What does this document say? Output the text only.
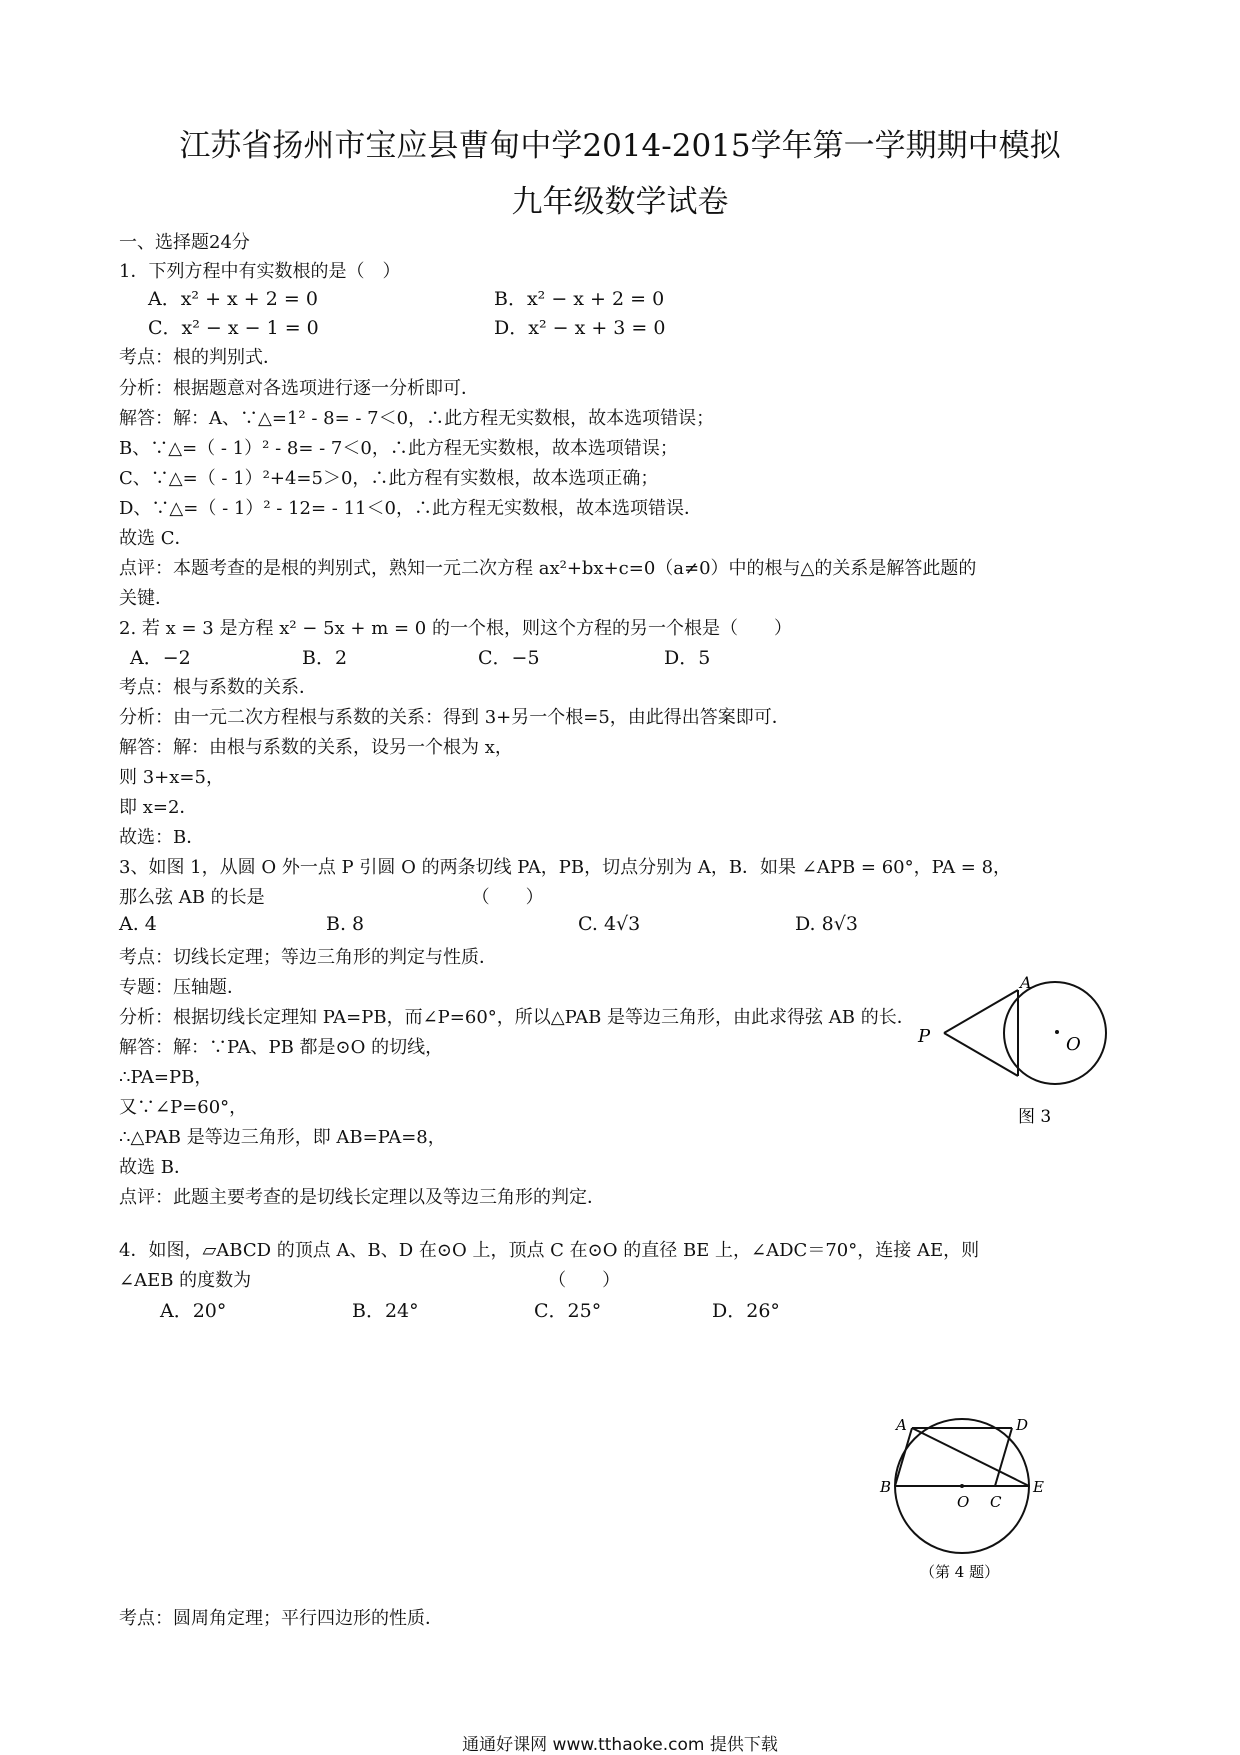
江苏省扬州市宝应县曹甸中学2014-2015学年第一学期期中模拟
九年级数学试卷
一、选择题24分
1．下列方程中有实数根的是（　）
A．x² + x + 2 = 0	B．x² − x + 2 = 0
C．x² − x − 1 = 0	D．x² − x + 3 = 0
考点：根的判别式．
分析：根据题意对各选项进行逐一分析即可．
解答：解：A、∵△=1² - 8= - 7＜0，∴此方程无实数根，故本选项错误；
B、∵△=（ - 1）² - 8= - 7＜0，∴此方程无实数根，故本选项错误；
C、∵△=（ - 1）²+4=5＞0，∴此方程有实数根，故本选项正确；
D、∵△=（ - 1）² - 12= - 11＜0，∴此方程无实数根，故本选项错误．
故选 C．
点评：本题考查的是根的判别式，熟知一元二次方程 ax²+bx+c=0（a≠0）中的根与△的关系是解答此题的
关键．
2. 若 x = 3 是方程 x² − 5x + m = 0 的一个根，则这个方程的另一个根是（　　）
A．−2	B．2	C．−5	D．5
考点：根与系数的关系．
分析：由一元二次方程根与系数的关系：得到 3+另一个根=5，由此得出答案即可．
解答：解：由根与系数的关系，设另一个根为 x，
则 3+x=5，
即 x=2．
故选：B．
3、如图 1，从圆 O 外一点 P 引圆 O 的两条切线 PA，PB，切点分别为 A，B．如果 ∠APB = 60°，PA = 8，
那么弦 AB 的长是　　　　　　　　　　　　（　　）
A. 4	B. 8	C. 4√3	D. 8√3
考点：切线长定理；等边三角形的判定与性质．
专题：压轴题．
分析：根据切线长定理知 PA=PB，而∠P=60°，所以△PAB 是等边三角形，由此求得弦 AB 的长．
解答：解：∵PA、PB 都是⊙O 的切线，
∴PA=PB，
又∵∠P=60°，
∴△PAB 是等边三角形，即 AB=PA=8，
故选 B．
点评：此题主要考查的是切线长定理以及等边三角形的判定．
A
P	O
图 3
4．如图，▱ABCD 的顶点 A、B、D 在⊙O 上，顶点 C 在⊙O 的直径 BE 上，∠ADC＝70°，连接 AE，则
∠AEB 的度数为　　　　　　　　　　　　　　　　　（　　）
A．20°	B．24°	C．25°	D．26°
A	D
B
O C
E
（第 4 题）
考点：圆周角定理；平行四边形的性质．
通通好课网 www.tthaoke.com 提供下载
